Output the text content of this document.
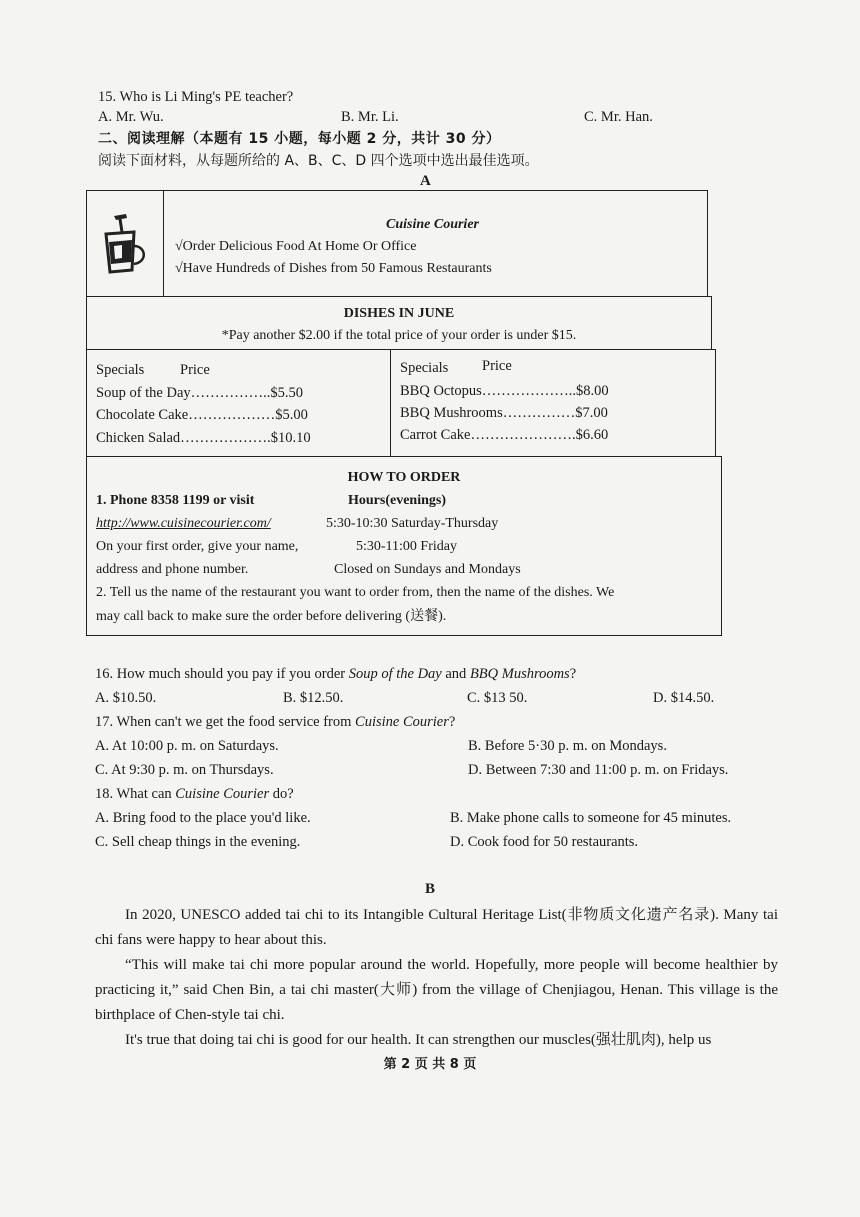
15. Who is Li Ming's PE teacher?
A. Mr. Wu.	B. Mr. Li.	C. Mr. Han.
二、阅读理解（本题有 15 小题，每小题 2 分，共计 30 分）
阅读下面材料，从每题所给的 A、B、C、D 四个选项中选出最佳选项。
A
Cuisine Courier
√Order Delicious Food At Home Or Office
√Have Hundreds of Dishes from 50 Famous Restaurants
DISHES IN JUNE
*Pay another $2.00 if the total price of your order is under $15.
Specials Price
Soup of the Day……………..$5.50
Chocolate Cake………………$5.00
Chicken Salad……………….$10.10
Specials Price
BBQ Octopus………………..$8.00
BBQ Mushrooms……………$7.00
Carrot Cake………………….$6.60
HOW TO ORDER
1. Phone 8358 1199 or visit	Hours(evenings)
http://www.cuisinecourier.com/	5:30-10:30 Saturday-Thursday
On your first order, give your name,	5:30-11:00 Friday
address and phone number.	Closed on Sundays and Mondays
2. Tell us the name of the restaurant you want to order from, then the name of the dishes. We
may call back to make sure the order before delivering (送餐).
16. How much should you pay if you order Soup of the Day and BBQ Mushrooms?
A. $10.50.	B. $12.50.	C. $13 50.	D. $14.50.
17. When can't we get the food service from Cuisine Courier?
A. At 10:00 p. m. on Saturdays.	B. Before 5·30 p. m. on Mondays.
C. At 9:30 p. m. on Thursdays.	D. Between 7:30 and 11:00 p. m. on Fridays.
18. What can Cuisine Courier do?
A. Bring food to the place you'd like.	B. Make phone calls to someone for 45 minutes.
C. Sell cheap things in the evening.	D. Cook food for 50 restaurants.
B
In 2020, UNESCO added tai chi to its Intangible Cultural Heritage List(非物质文化遗产名录). Many tai chi fans were happy to hear about this.
“This will make tai chi more popular around the world. Hopefully, more people will become healthier by practicing it,” said Chen Bin, a tai chi master(大师) from the village of Chenjiagou, Henan. This village is the birthplace of Chen-style tai chi.
It's true that doing tai chi is good for our health. It can strengthen our muscles(强壮肌肉), help us
第 2 页 共 8 页
